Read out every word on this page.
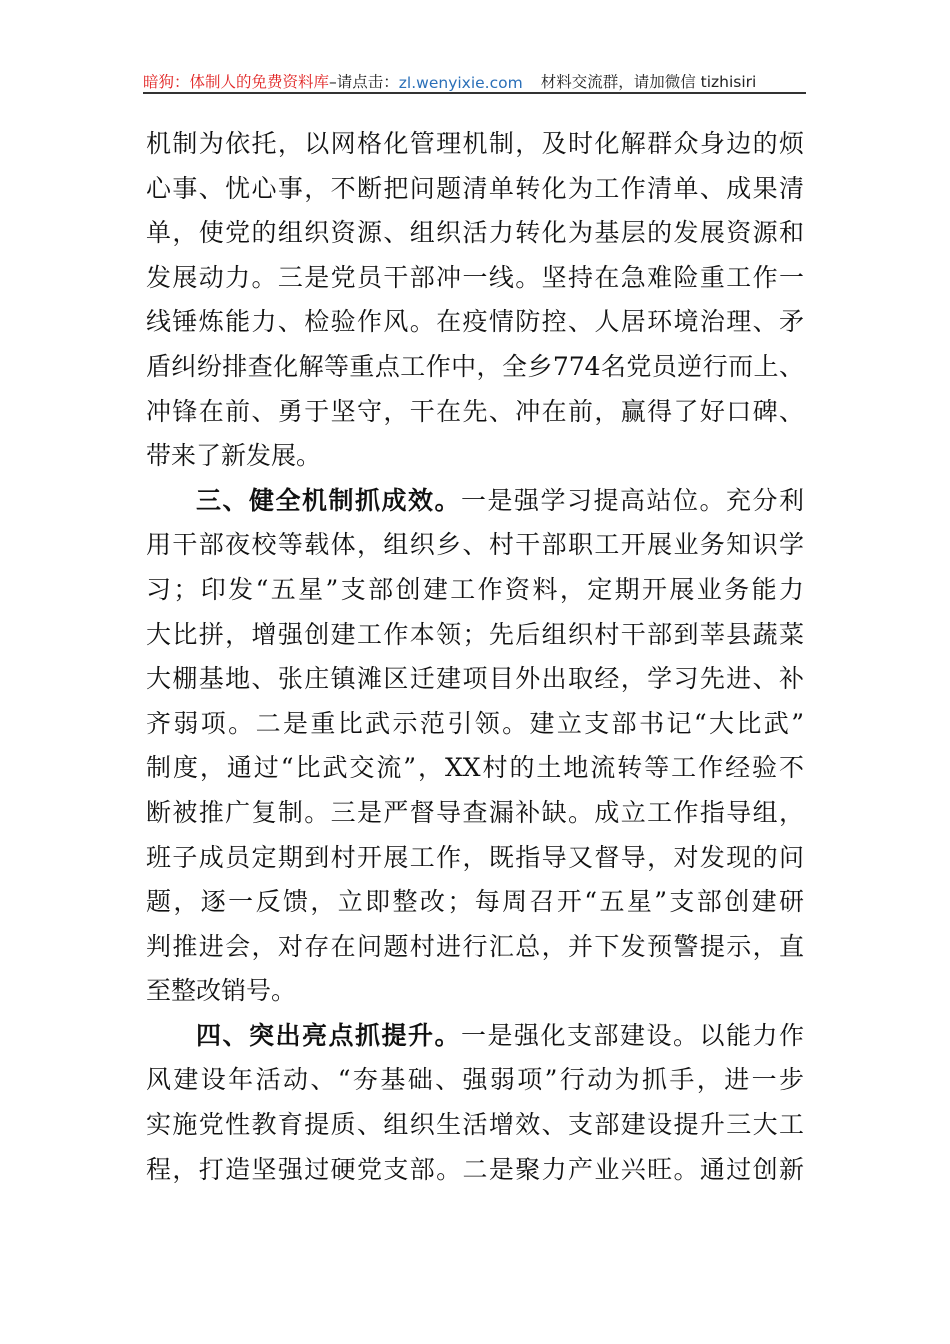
暗狗：体制人的免费资料库 –请点击： zl.wenyixie.com 材料交流群，请加微信 tizhisiri
机制为依托，以网格化管理机制，及时化解群众身边的烦
心事、忧心事，不断把问题清单转化为工作清单、成果清
单，使党的组织资源、组织活力转化为基层的发展资源和
发展动力。三是党员干部冲一线。坚持在急难险重工作一
线锤炼能力、检验作风。在疫情防控、人居环境治理、矛
盾纠纷排查化解等重点工作中，全乡774名党员逆行而上、
冲锋在前、勇于坚守，干在先、冲在前，赢得了好口碑、
带来了新发展。
三、健全机制抓成效。一是强学习提高站位。充分利
用干部夜校等载体，组织乡、村干部职工开展业务知识学
习；印发“五星”支部创建工作资料，定期开展业务能力
大比拼，增强创建工作本领；先后组织村干部到莘县蔬菜
大棚基地、张庄镇滩区迁建项目外出取经，学习先进、补
齐弱项。二是重比武示范引领。建立支部书记“大比武”
制度，通过“比武交流”，XX村的土地流转等工作经验不
断被推广复制。三是严督导查漏补缺。成立工作指导组，
班子成员定期到村开展工作，既指导又督导，对发现的问
题，逐一反馈，立即整改；每周召开“五星”支部创建研
判推进会，对存在问题村进行汇总，并下发预警提示，直
至整改销号。
四、突出亮点抓提升。一是强化支部建设。以能力作
风建设年活动、“夯基础、强弱项”行动为抓手，进一步
实施党性教育提质、组织生活增效、支部建设提升三大工
程，打造坚强过硬党支部。二是聚力产业兴旺。通过创新
